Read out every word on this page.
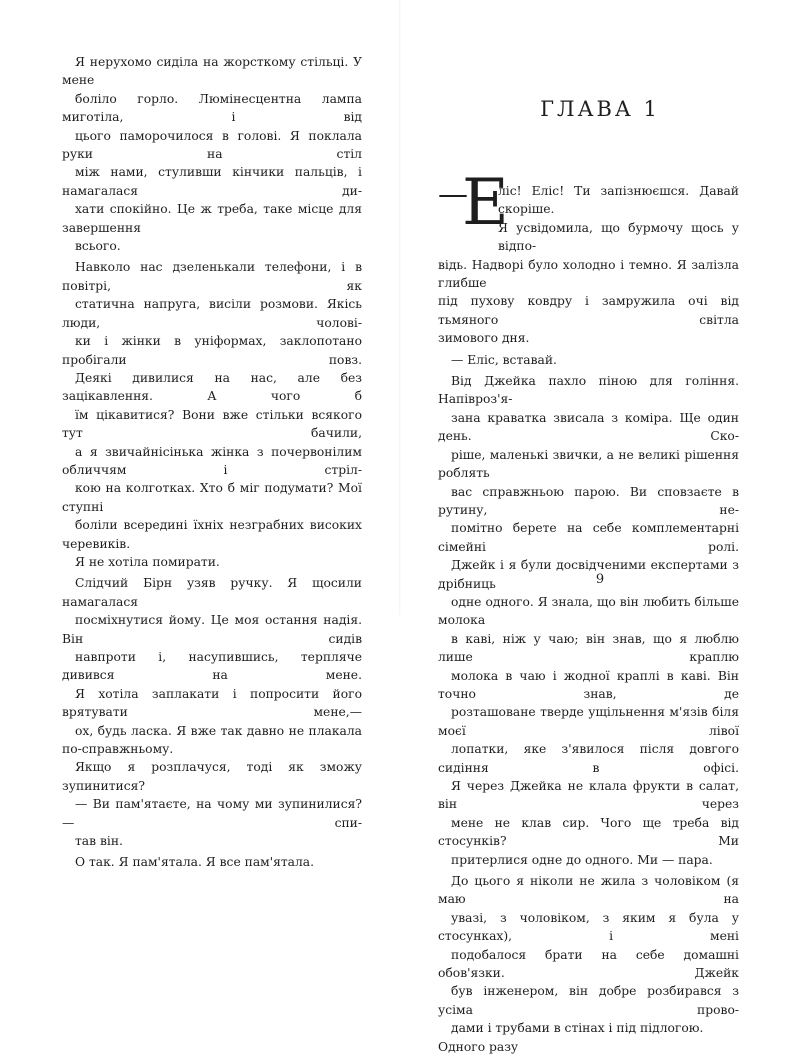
Я нерухомо сиділа на жорсткому стільці. У мене
боліло горло. Люмінесцентна лампа миготіла, і від
цього паморочилося в голові. Я поклала руки на стіл
між нами, стуливши кінчики пальців, і намагалася ди-
хати спокійно. Це ж треба, таке місце для завершення
всього.

Навколо нас дзеленькали телефони, і в повітрі, як
статична напруга, висіли розмови. Якісь люди, чолові-
ки і жінки в уніформах, заклопотано пробігали повз.
Деякі дивилися на нас, але без зацікавлення. А чого б
їм цікавитися? Вони вже стільки всякого тут бачили,
а я звичайнісінька жінка з почервонілим обличчям і стріл-
кою на колготках. Хто б міг подумати? Мої ступні
боліли всередині їхніх незграбних високих черевиків.
Я не хотіла помирати.

Слідчий Бірн узяв ручку. Я щосили намагалася
посміхнутися йому. Це моя остання надія. Він сидів
навпроти і, насупившись, терпляче дивився на мене.
Я хотіла заплакати і попросити його врятувати мене,—
ох, будь ласка. Я вже так давно не плакала по-справжньому.
Якщо я розплачуся, тоді як зможу зупинитися?
— Ви пам'ятаєте, на чому ми зупинилися? — спи-
тав він.

О так. Я пам'ятала. Я все пам'ятала.

ГЛАВА 1
—
Е

ліс! Еліс! Ти запізнюєшся. Давай скоріше.
Я усвідомила, що бурмочу щось у відпо-
відь. Надворі було холодно і темно. Я залізла глибше
під пухову ковдру і замружила очі від тьмяного світла
зимового дня.

— Еліс, вставай.

Від Джейка пахло піною для гоління. Напівроз'я-
зана краватка звисала з коміра. Ще один день. Ско-
ріше, маленькі звички, а не великі рішення роблять
вас справжньою парою. Ви сповзаєте в рутину, не-
помітно берете на себе комплементарні сімейні ролі.
Джейк і я були досвідченими експертами з дрібниць
одне одного. Я знала, що він любить більше молока
в каві, ніж у чаю; він знав, що я люблю лише краплю
молока в чаю і жодної краплі в каві. Він точно знав, де
розташоване тверде ущільнення м'язів біля моєї лівої
лопатки, яке з'явилося після довгого сидіння в офісі.
Я через Джейка не клала фрукти в салат, він через
мене не клав сир. Чого ще треба від стосунків? Ми
притерлися одне до одного. Ми — пара.

До цього я ніколи не жила з чоловіком (я маю на
увазі, з чоловіком, з яким я була у стосунках), і мені
подобалося брати на себе домашні обов'язки. Джейк
був інженером, він добре розбирався з усіма прово-
дами і трубами в стінах і під підлогою. Одного разу

9
